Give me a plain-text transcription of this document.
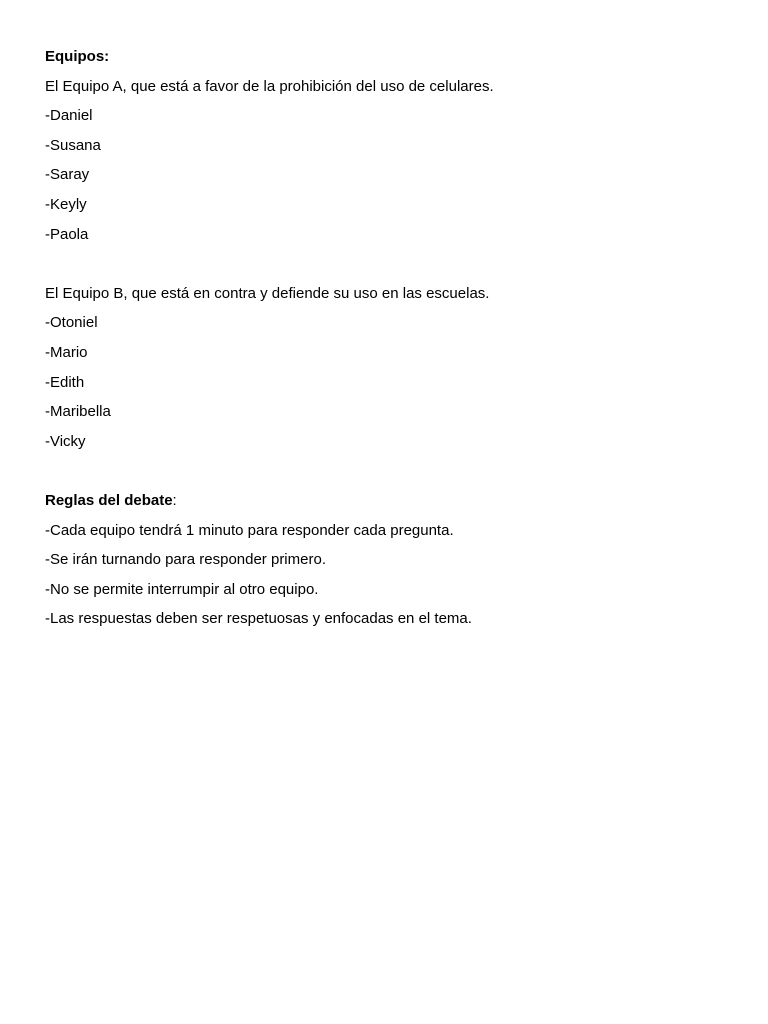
Equipos:
El Equipo A, que está a favor de la prohibición del uso de celulares.
-Daniel
-Susana
-Saray
-Keyly
-Paola
El Equipo B, que está en contra y defiende su uso en las escuelas.
-Otoniel
-Mario
-Edith
-Maribella
-Vicky
Reglas del debate:
-Cada equipo tendrá 1 minuto para responder cada pregunta.
-Se irán turnando para responder primero.
-No se permite interrumpir al otro equipo.
-Las respuestas deben ser respetuosas y enfocadas en el tema.
